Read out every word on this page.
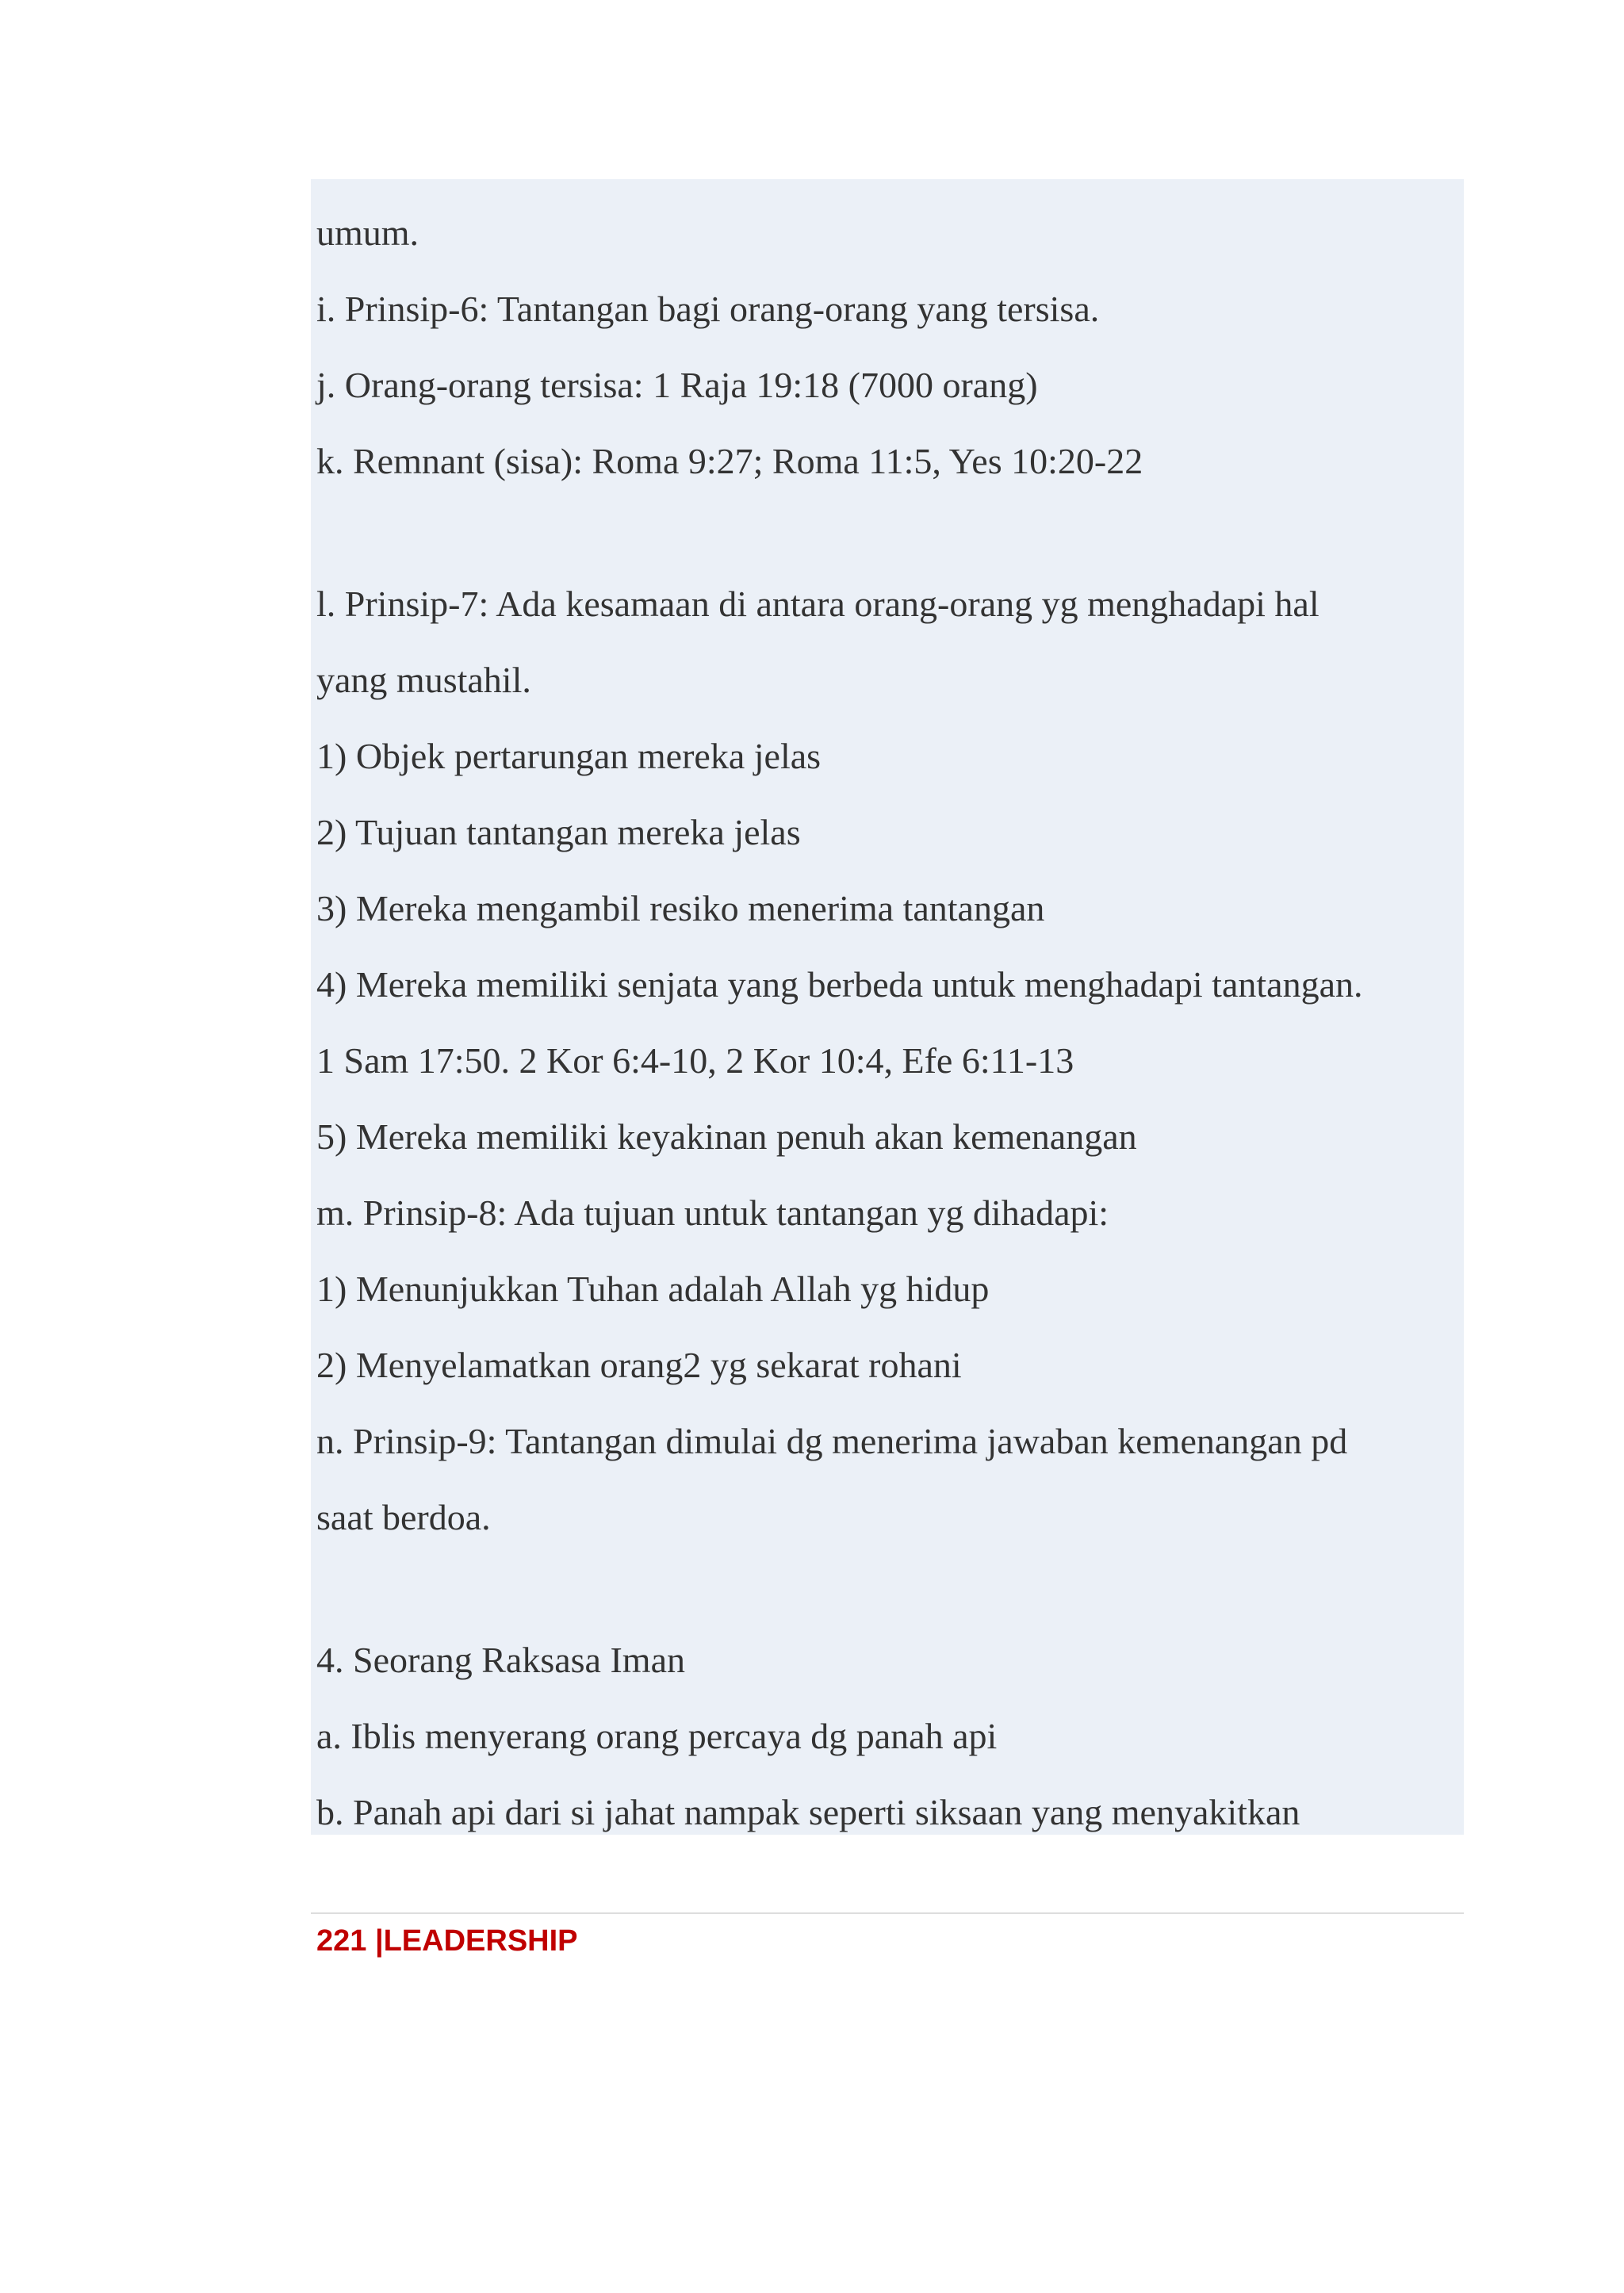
umum.
i. Prinsip-6: Tantangan bagi orang-orang yang tersisa.
j. Orang-orang tersisa: 1 Raja 19:18 (7000 orang)
k. Remnant (sisa): Roma 9:27; Roma 11:5, Yes 10:20-22
l. Prinsip-7: Ada kesamaan di antara orang-orang yg menghadapi hal
yang mustahil.
1) Objek pertarungan mereka jelas
2) Tujuan tantangan mereka jelas
3) Mereka mengambil resiko menerima tantangan
4) Mereka memiliki senjata yang berbeda untuk menghadapi tantangan.
1 Sam 17:50. 2 Kor 6:4-10, 2 Kor 10:4, Efe 6:11-13
5) Mereka memiliki keyakinan penuh akan kemenangan
m. Prinsip-8: Ada tujuan untuk tantangan yg dihadapi:
1) Menunjukkan Tuhan adalah Allah yg hidup
2) Menyelamatkan orang2 yg sekarat rohani
n. Prinsip-9: Tantangan dimulai dg menerima jawaban kemenangan pd
saat berdoa.
4. Seorang Raksasa Iman
a. Iblis menyerang orang percaya dg panah api
b. Panah api dari si jahat nampak seperti siksaan yang menyakitkan
221 |LEADERSHIP
